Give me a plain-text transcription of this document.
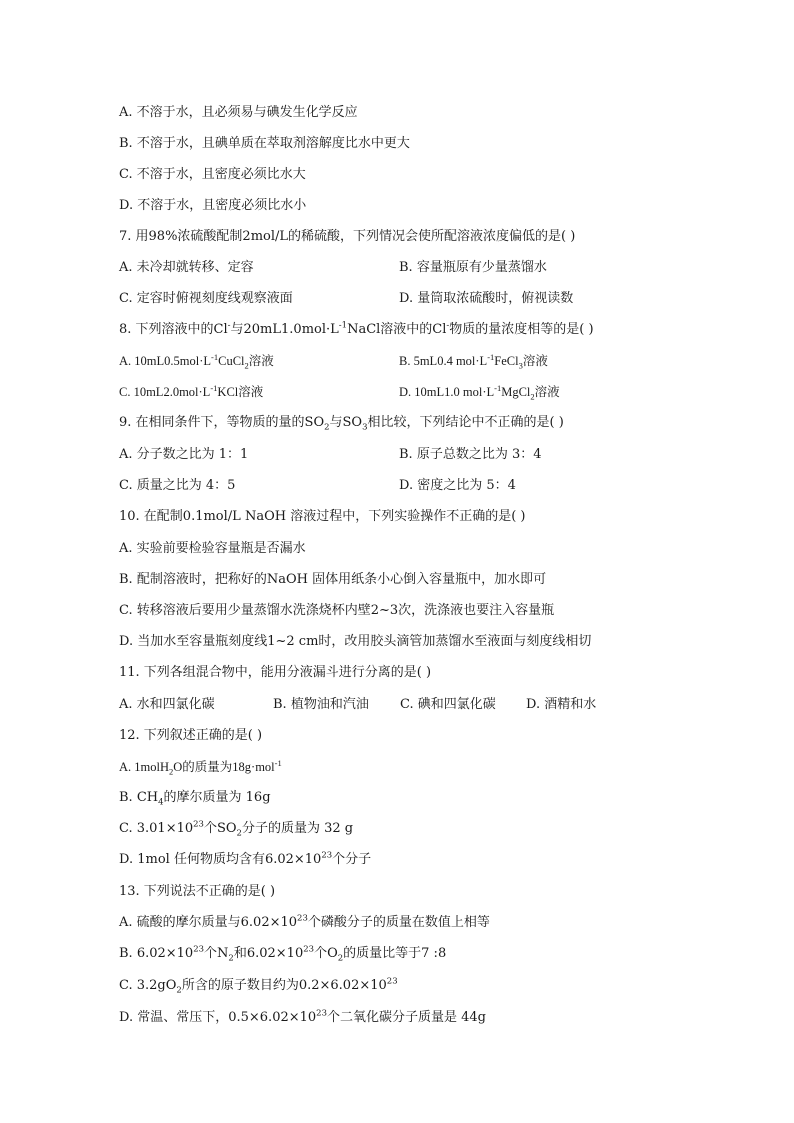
A. 不溶于水，且必须易与碘发生化学反应
B. 不溶于水，且碘单质在萃取剂溶解度比水中更大
C. 不溶于水，且密度必须比水大
D. 不溶于水，且密度必须比水小
7. 用98%浓硫酸配制2mol/L的稀硫酸，下列情况会使所配溶液浓度偏低的是( )
A. 未冷却就转移、定容	B. 容量瓶原有少量蒸馏水
C. 定容时俯视刻度线观察液面	D. 量筒取浓硫酸时，俯视读数
8. 下列溶液中的Cl-与$20mL1.0mol\cdot L^{-1}NaCl$溶液中的Cl-物质的量浓度相等的是( )
A. $10mL0.5mol\cdot L^{-1}CuCl_2$溶液	B. 5mL0.4 $mol\cdot L^{-1}FeCl_3$溶液
C. $10mL2.0mol\cdot L^{-1}KCl$溶液	D. 10mL1.0 $mol\cdot L^{-1}MgCl_2$溶液
9. 在相同条件下，等物质的量的$SO_2$与$SO_3$相比较，下列结论中不正确的是( )
A. 分子数之比为 1：1	B. 原子总数之比为 3：4
C. 质量之比为 4：5	D. 密度之比为 5：4
10. 在配制0.1mol/L NaOH 溶液过程中，下列实验操作不正确的是( )
A. 实验前要检验容量瓶是否漏水
B. 配制溶液时，把称好的NaOH 固体用纸条小心倒入容量瓶中，加水即可
C. 转移溶液后要用少量蒸馏水洗涤烧杯内壁2~3次，洗涤液也要注入容量瓶
D. 当加水至容量瓶刻度线1~2 cm时，改用胶头滴管加蒸馏水至液面与刻度线相切
11. 下列各组混合物中，能用分液漏斗进行分离的是( )
A. 水和四氯化碳	B. 植物油和汽油 C. 碘和四氯化碳 D. 酒精和水
12. 下列叙述正确的是( )
A. 1molH$_2$O的质量为18g·mol$^{-1}$
B. $CH_4$的摩尔质量为 16g
C. $3.01\times 10^{23}$个$SO_2$分子的质量为 32 g
D. 1mol 任何物质均含有$6.02\times 10^{23}$个分子
13. 下列说法不正确的是( )
A. 硫酸的摩尔质量与$6.02\times 10^{23}$个磷酸分子的质量在数值上相等
B. $6.02\times 10^{23}$个$N_2$和$6.02\times 10^{23}$个$O_2$的质量比等于7 :8
C. $3.2gO_2$所含的原子数目约为$0.2\times 6.02\times 10^{23}$
D. 常温、常压下，$0.5\times 6.02\times 10^{23}$个二氧化碳分子质量是 44g
